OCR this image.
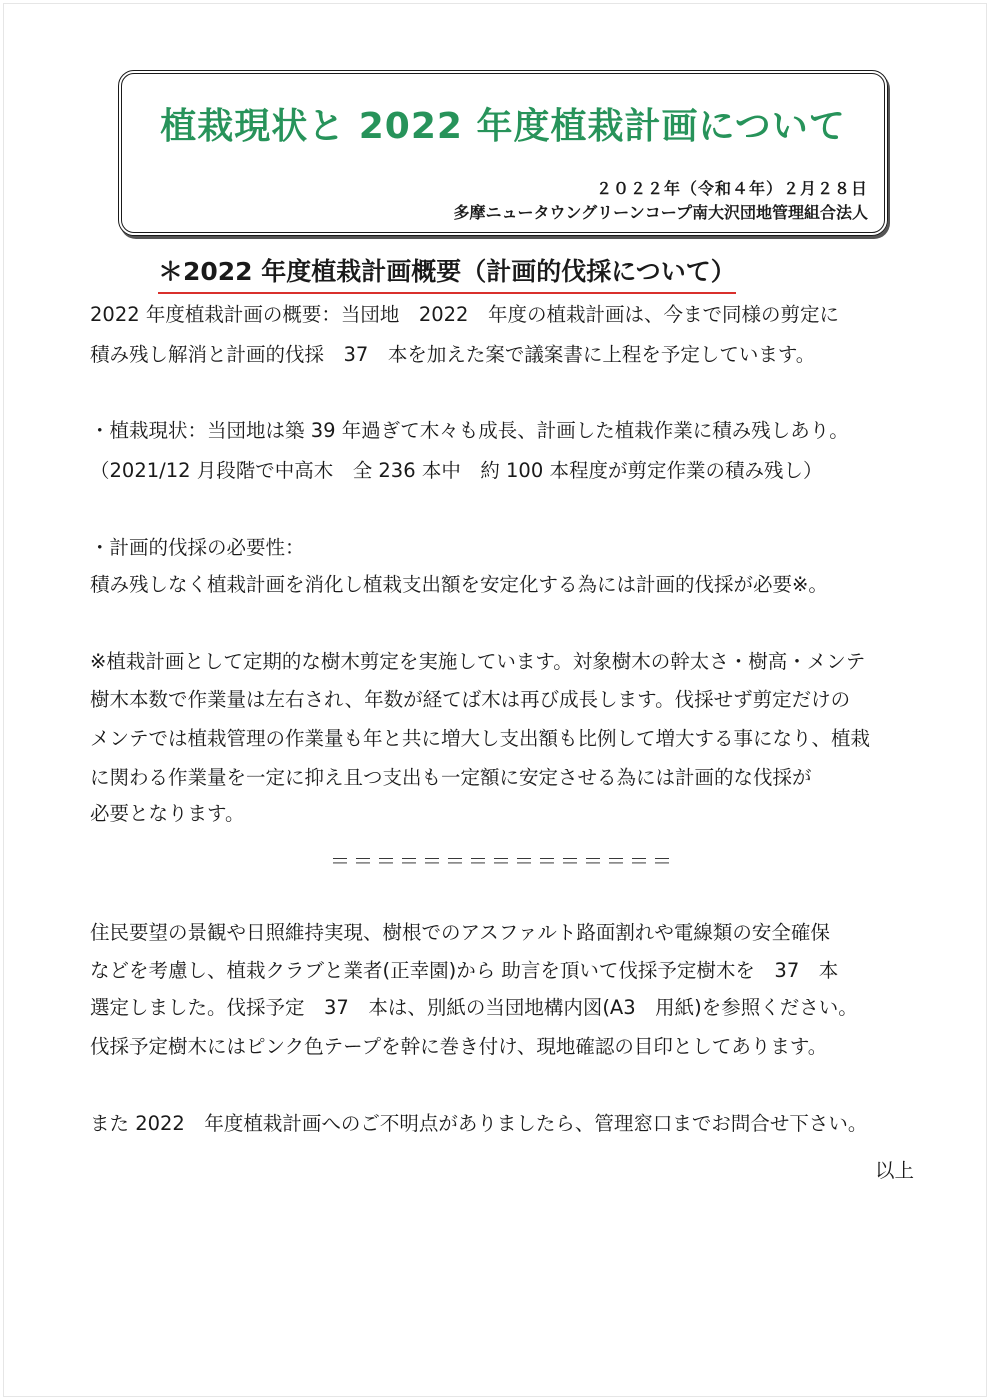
植栽現状と 2022 年度植栽計画について
２０２２年（令和４年）２月２８日
多摩ニュータウングリーンコープ南大沢団地管理組合法人
＊2022 年度植栽計画概要（計画的伐採について）
2022 年度植栽計画の概要：当団地　2022　年度の植栽計画は、今まで同様の剪定に
積み残し解消と計画的伐採　37　本を加えた案で議案書に上程を予定しています。
・植栽現状：当団地は築 39 年過ぎて木々も成長、計画した植栽作業に積み残しあり。
（2021/12 月段階で中高木　全 236 本中　約 100 本程度が剪定作業の積み残し）
・計画的伐採の必要性：
積み残しなく植栽計画を消化し植栽支出額を安定化する為には計画的伐採が必要※。
※植栽計画として定期的な樹木剪定を実施しています。対象樹木の幹太さ・樹高・メンテ
樹木本数で作業量は左右され、年数が経てば木は再び成長します。伐採せず剪定だけの
メンテでは植栽管理の作業量も年と共に増大し支出額も比例して増大する事になり、植栽
に関わる作業量を一定に抑え且つ支出も一定額に安定させる為には計画的な伐採が
必要となります。
＝＝＝＝＝＝＝＝＝＝＝＝＝＝＝
住民要望の景観や日照維持実現、樹根でのアスファルト路面割れや電線類の安全確保
などを考慮し、植栽クラブと業者(正幸園)から 助言を頂いて伐採予定樹木を　37　本
選定しました。伐採予定　37　本は、別紙の当団地構内図(A3　用紙)を参照ください。
伐採予定樹木にはピンク色テープを幹に巻き付け、現地確認の目印としてあります。
また 2022　年度植栽計画へのご不明点がありましたら、管理窓口までお問合せ下さい。
以上
